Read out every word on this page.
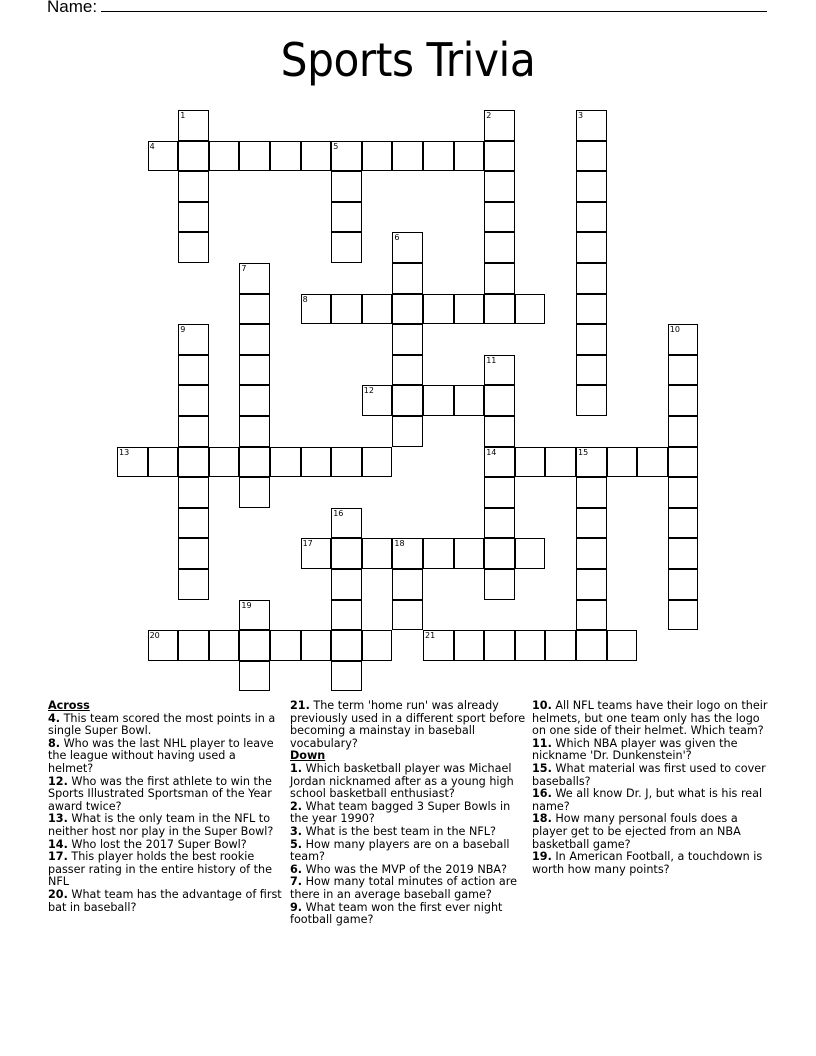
Name:
Sports Trivia
1	2	3
4	5
6
7
8
9	10
11
14
12
13	15
16
17	18
19
20	21
Across
4. This team scored the most points in a single Super Bowl.
8. Who was the last NHL player to leave the league without having used a helmet?
12. Who was the first athlete to win the Sports Illustrated Sportsman of the Year award twice?
13. What is the only team in the NFL to neither host nor play in the Super Bowl?
14. Who lost the 2017 Super Bowl?
17. This player holds the best rookie passer rating in the entire history of the NFL
20. What team has the advantage of first bat in baseball?
21. The term 'home run' was already previously used in a different sport before becoming a mainstay in baseball vocabulary?
Down
1. Which basketball player was Michael Jordan nicknamed after as a young high school basketball enthusiast?
2. What team bagged 3 Super Bowls in the year 1990?
3. What is the best team in the NFL?
5. How many players are on a baseball team?
6. Who was the MVP of the 2019 NBA?
7. How many total minutes of action are there in an average baseball game?
9. What team won the first ever night football game?
10. All NFL teams have their logo on their helmets, but one team only has the logo on one side of their helmet. Which team?
11. Which NBA player was given the nickname 'Dr. Dunkenstein'?
15. What material was first used to cover baseballs?
16. We all know Dr. J, but what is his real name?
18. How many personal fouls does a player get to be ejected from an NBA basketball game?
19. In American Football, a touchdown is worth how many points?
